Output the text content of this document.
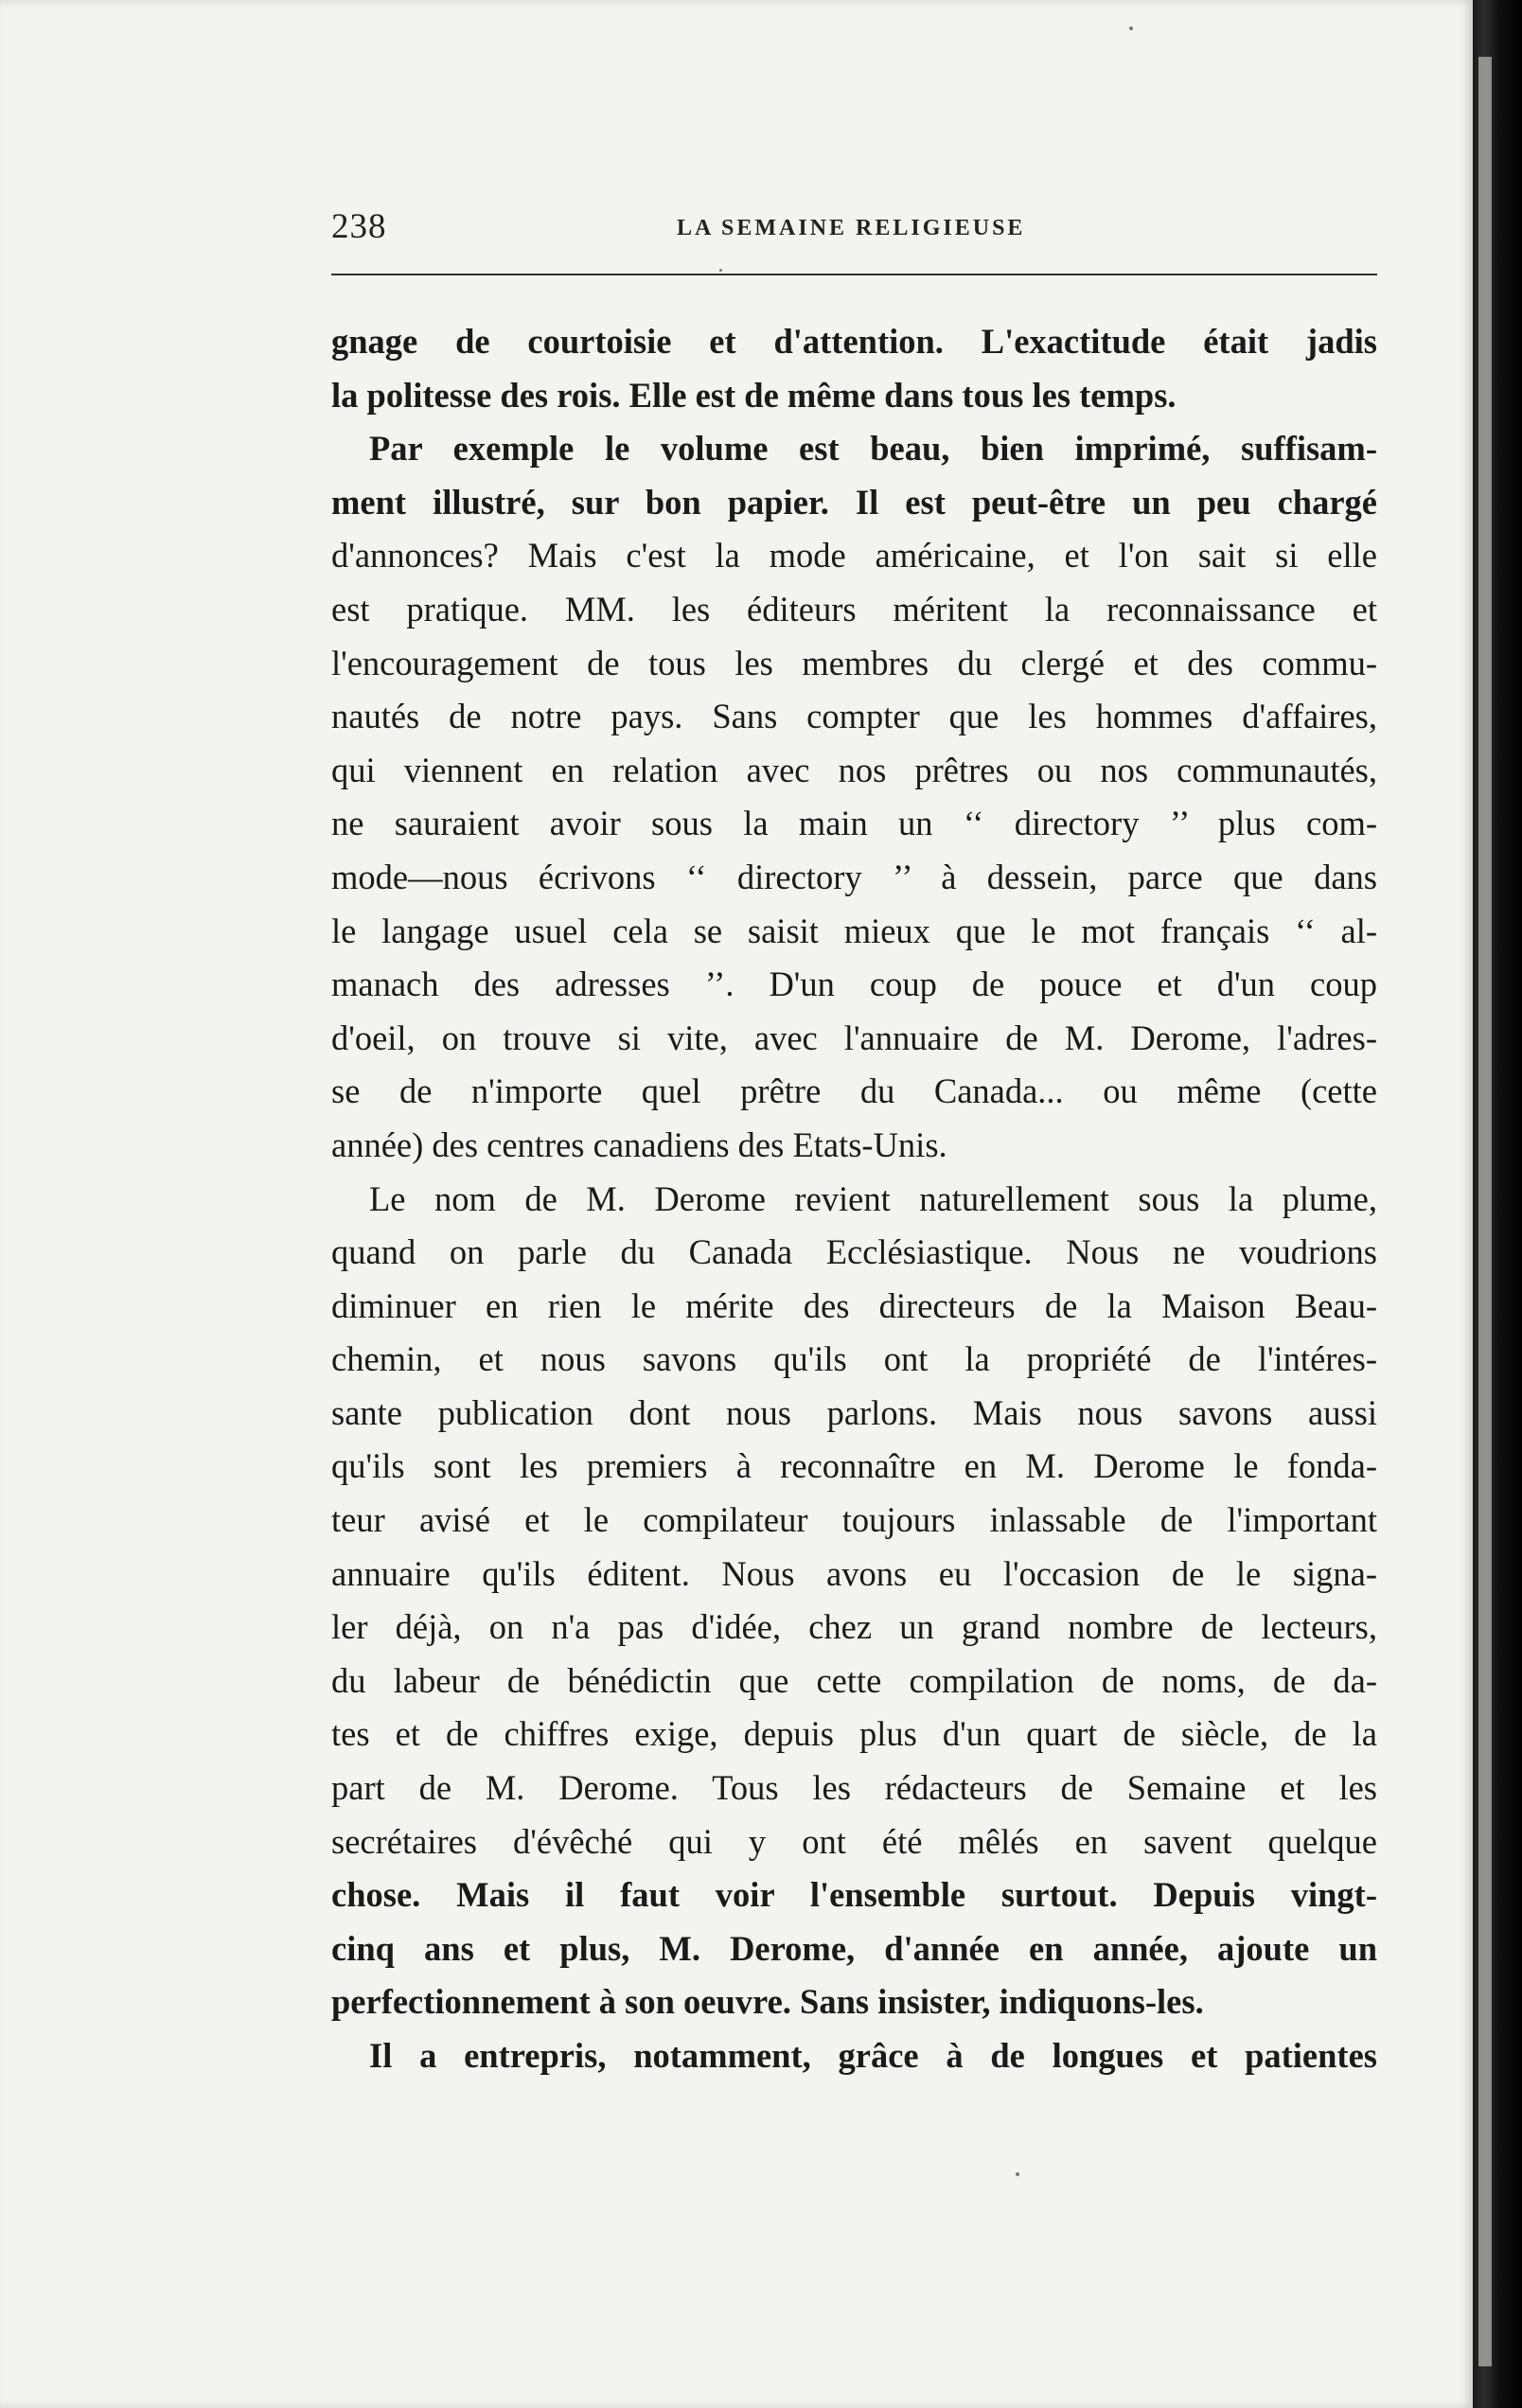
238	LA SEMAINE RELIGIEUSE
gnage de courtoisie et d'attention. L'exactitude était jadis
la politesse des rois. Elle est de même dans tous les temps.
Par exemple le volume est beau, bien imprimé, suffisam-
ment illustré, sur bon papier. Il est peut-être un peu chargé
d'annonces? Mais c'est la mode américaine, et l'on sait si elle
est pratique. MM. les éditeurs méritent la reconnaissance et
l'encouragement de tous les membres du clergé et des commu-
nautés de notre pays. Sans compter que les hommes d'affaires,
qui viennent en relation avec nos prêtres ou nos communautés,
ne sauraient avoir sous la main un ‘‘ directory ’’ plus com-
mode—nous écrivons ‘‘ directory ’’ à dessein, parce que dans
le langage usuel cela se saisit mieux que le mot français ‘‘ al-
manach des adresses ’’. D'un coup de pouce et d'un coup
d'oeil, on trouve si vite, avec l'annuaire de M. Derome, l'adres-
se de n'importe quel prêtre du Canada... ou même (cette
année) des centres canadiens des Etats-Unis.
Le nom de M. Derome revient naturellement sous la plume,
quand on parle du Canada Ecclésiastique. Nous ne voudrions
diminuer en rien le mérite des directeurs de la Maison Beau-
chemin, et nous savons qu'ils ont la propriété de l'intéres-
sante publication dont nous parlons. Mais nous savons aussi
qu'ils sont les premiers à reconnaître en M. Derome le fonda-
teur avisé et le compilateur toujours inlassable de l'important
annuaire qu'ils éditent. Nous avons eu l'occasion de le signa-
ler déjà, on n'a pas d'idée, chez un grand nombre de lecteurs,
du labeur de bénédictin que cette compilation de noms, de da-
tes et de chiffres exige, depuis plus d'un quart de siècle, de la
part de M. Derome. Tous les rédacteurs de Semaine et les
secrétaires d'évêché qui y ont été mêlés en savent quelque
chose. Mais il faut voir l'ensemble surtout. Depuis vingt-
cinq ans et plus, M. Derome, d'année en année, ajoute un
perfectionnement à son oeuvre. Sans insister, indiquons-les.
Il a entrepris, notamment, grâce à de longues et patientes
